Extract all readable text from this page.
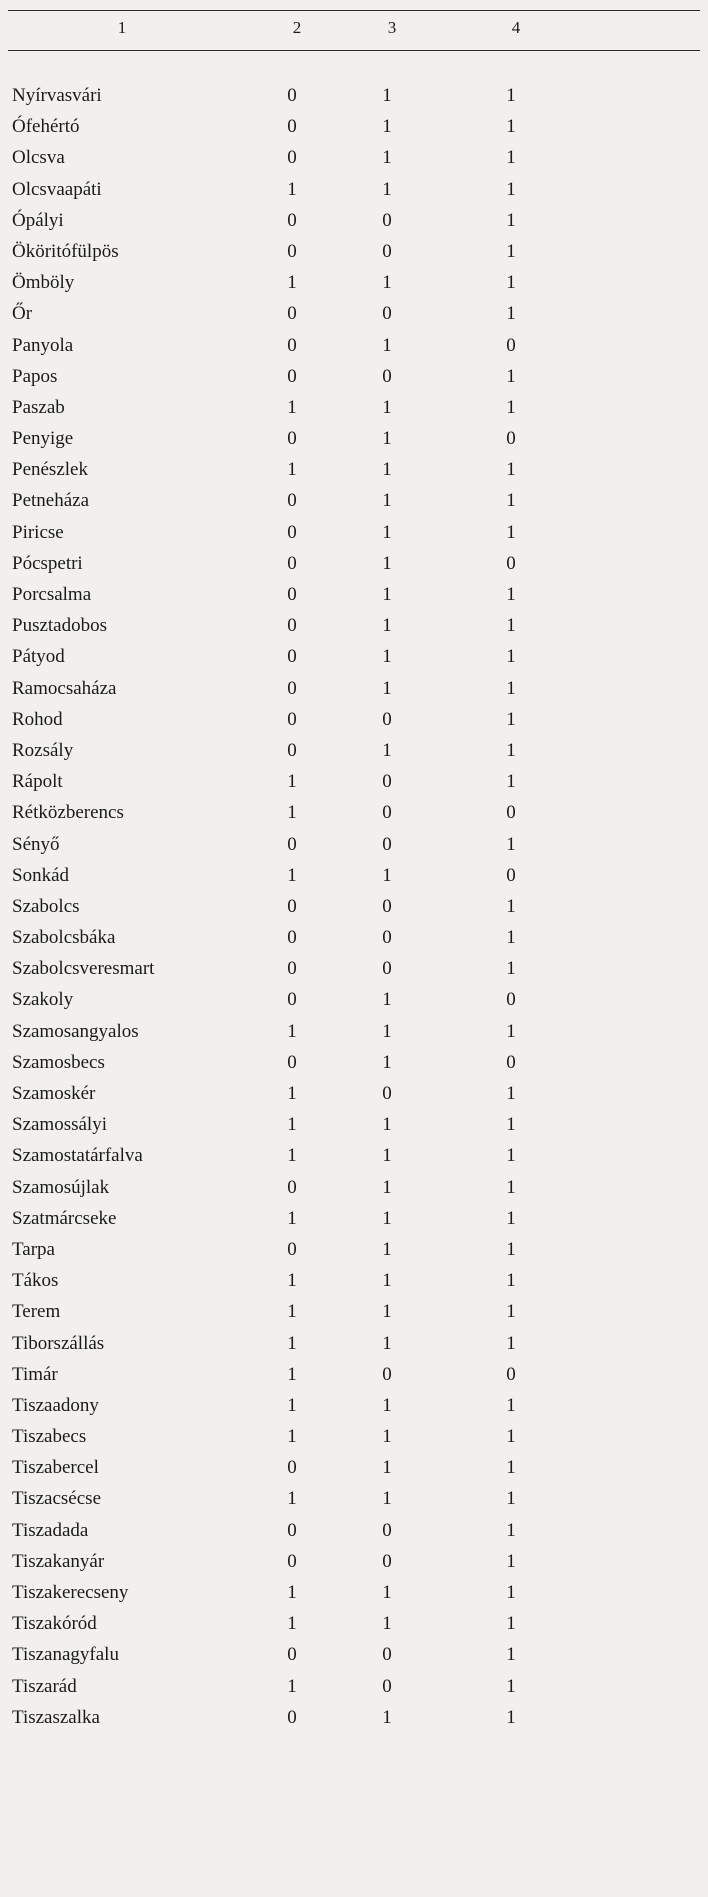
1	2	3	4
Nyírvasvári	0	1	1
Ófehértó	0	1	1
Olcsva	0	1	1
Olcsvaapáti	1	1	1
Ópályi	0	0	1
Ököritófülpös	0	0	1
Ömböly	1	1	1
Őr	0	0	1
Panyola	0	1	0
Papos	0	0	1
Paszab	1	1	1
Penyige	0	1	0
Penészlek	1	1	1
Petneháza	0	1	1
Piricse	0	1	1
Pócspetri	0	1	0
Porcsalma	0	1	1
Pusztadobos	0	1	1
Pátyod	0	1	1
Ramocsaháza	0	1	1
Rohod	0	0	1
Rozsály	0	1	1
Rápolt	1	0	1
Rétközberencs	1	0	0
Sényő	0	0	1
Sonkád	1	1	0
Szabolcs	0	0	1
Szabolcsbáka	0	0	1
Szabolcsveresmart	0	0	1
Szakoly	0	1	0
Szamosangyalos	1	1	1
Szamosbecs	0	1	0
Szamoskér	1	0	1
Szamossályi	1	1	1
Szamostatárfalva	1	1	1
Szamosújlak	0	1	1
Szatmárcseke	1	1	1
Tarpa	0	1	1
Tákos	1	1	1
Terem	1	1	1
Tiborszállás	1	1	1
Timár	1	0	0
Tiszaadony	1	1	1
Tiszabecs	1	1	1
Tiszabercel	0	1	1
Tiszacsécse	1	1	1
Tiszadada	0	0	1
Tiszakanyár	0	0	1
Tiszakerecseny	1	1	1
Tiszakóród	1	1	1
Tiszanagyfalu	0	0	1
Tiszarád	1	0	1
Tiszaszalka	0	1	1
